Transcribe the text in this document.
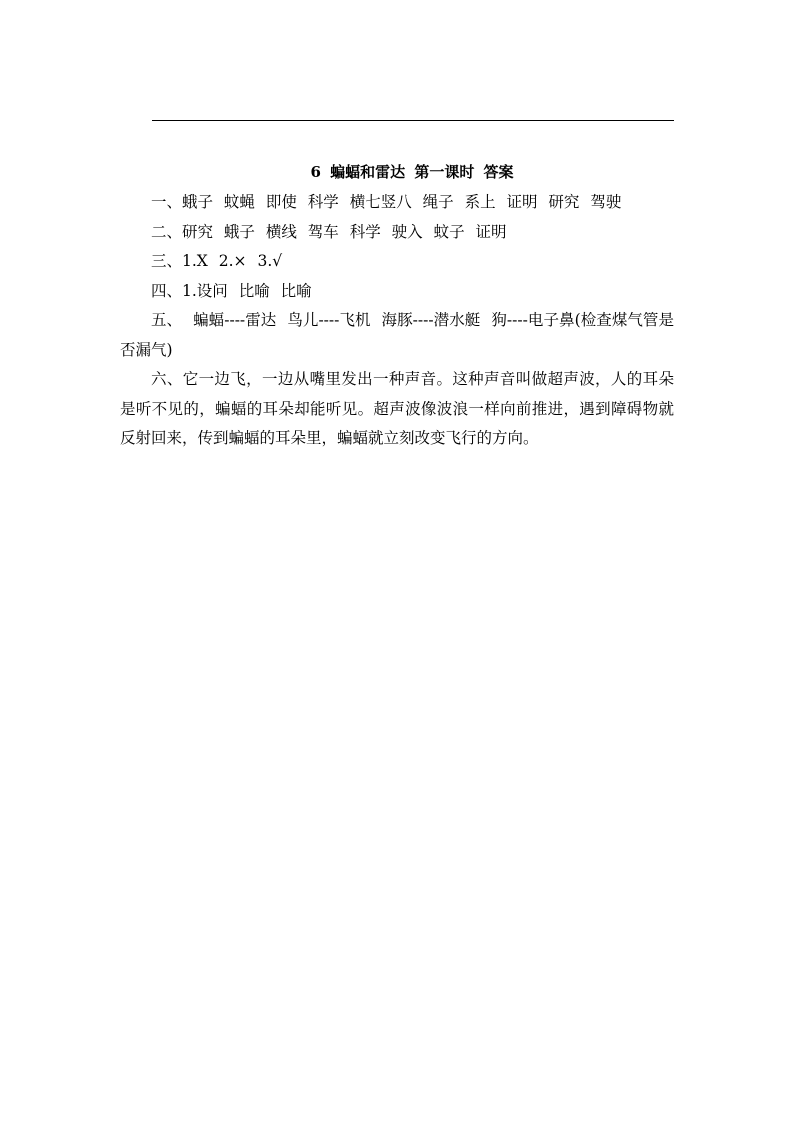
6 蝙蝠和雷达 第一课时 答案

一、蛾子 蚊蝇 即使 科学 横七竖八 绳子 系上 证明 研究 驾驶

二、研究 蛾子 横线 驾车 科学 驶入 蚊子 证明

三、1.X 2.× 3.√

四、1.设问 比喻 比喻

五、 蝙蝠----雷达 鸟儿----飞机 海豚----潜水艇 狗----电子鼻(检查煤气管是否漏气)

六、它一边飞，一边从嘴里发出一种声音。这种声音叫做超声波，人的耳朵是听不见的，蝙蝠的耳朵却能听见。超声波像波浪一样向前推进，遇到障碍物就反射回来，传到蝙蝠的耳朵里，蝙蝠就立刻改变飞行的方向。
